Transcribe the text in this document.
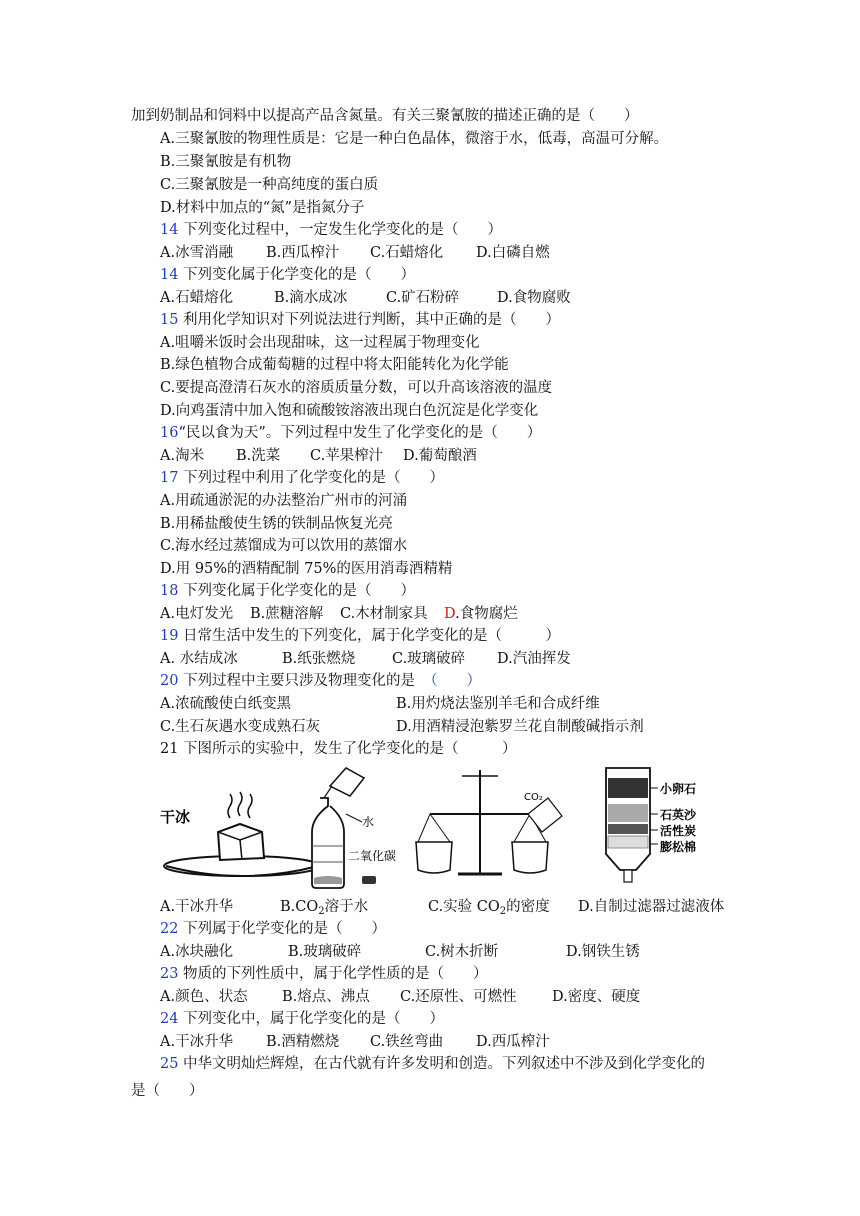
加到奶制品和饲料中以提高产品含氮量。有关三聚氰胺的描述正确的是（　　）
A.三聚氰胺的物理性质是：它是一种白色晶体，微溶于水，低毒，高温可分解。
B.三聚氰胺是有机物
C.三聚氰胺是一种高纯度的蛋白质
D.材料中加点的“氮”是指氮分子
14 下列变化过程中，一定发生化学变化的是（　　）
A.冰雪消融 B.西瓜榨汁 C.石蜡熔化 D.白磷自燃
14 下列变化属于化学变化的是（　　）
A.石蜡熔化	B.滴水成冰	C.矿石粉碎	D.食物腐败
15 利用化学知识对下列说法进行判断，其中正确的是（　　）
A.咀嚼米饭时会出现甜味，这一过程属于物理变化
B.绿色植物合成葡萄糖的过程中将太阳能转化为化学能
C.要提高澄清石灰水的溶质质量分数，可以升高该溶液的温度
D.向鸡蛋清中加入饱和硫酸铵溶液出现白色沉淀是化学变化
16“民以食为天”。下列过程中发生了化学变化的是（　　）
A.淘米 B.洗菜 C.苹果榨汁 D.葡萄酿酒
17 下列过程中利用了化学变化的是（　　）
A.用疏通淤泥的办法整治广州市的河涌
B.用稀盐酸使生锈的铁制品恢复光亮
C.海水经过蒸馏成为可以饮用的蒸馏水
D.用 95%的酒精配制 75%的医用消毒酒精精
18 下列变化属于化学变化的是（　　）
A.电灯发光 B.蔗糖溶解 C.木材制家具 D.食物腐烂
19 日常生活中发生的下列变化，属于化学变化的是（　　　）
A. 水结成冰	B.纸张燃烧	C.玻璃破碎 D.汽油挥发
20 下列过程中主要只涉及物理变化的是 （　　）
A.浓硫酸使白纸变黑	B.用灼烧法鉴别羊毛和合成纤维
C.生石灰遇水变成熟石灰	D.用酒精浸泡紫罗兰花自制酸碱指示剂
21 下图所示的实验中，发生了化学变化的是（　　　）
干冰	水
二氧化碳
CO₂
小卵石
石英沙
活性炭
膨松棉
A.干冰升华	$B.CO_2$溶于水	C.实验 $CO_2$的密度 D.自制过滤器过滤液体
22 下列属于化学变化的是（　　）
A.冰块融化	B.玻璃破碎	C.树木折断	D.钢铁生锈
23 物质的下列性质中，属于化学性质的是（　　）
A.颜色、状态 B.熔点、沸点 C.还原性、可燃性 D.密度、硬度
24 下列变化中，属于化学变化的是（　　）
A.干冰升华 B.酒精燃烧 C.铁丝弯曲 D.西瓜榨汁
25 中华文明灿烂辉煌，在古代就有许多发明和创造。下列叙述中不涉及到化学变化的
是（　　）
